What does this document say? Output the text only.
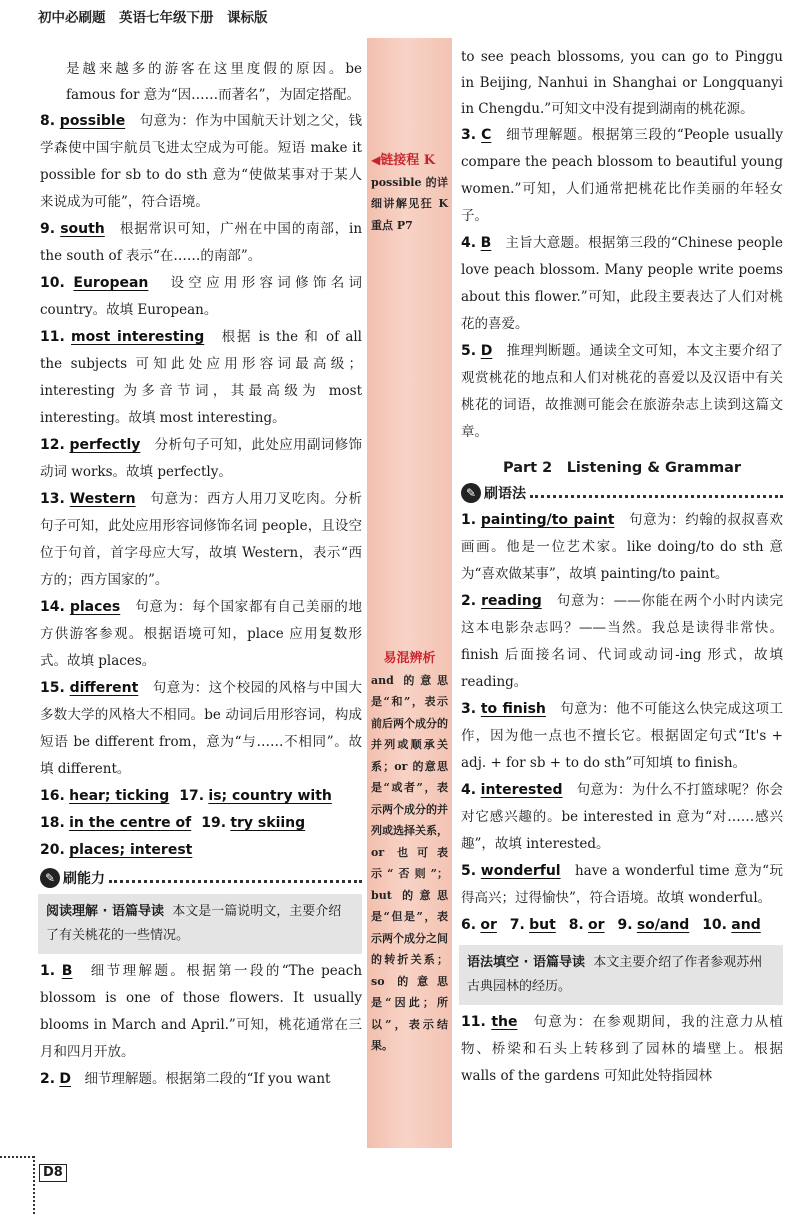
初中必刷题　英语七年级下册　课标版
◀链接程 K
possible 的详细讲解见狂 K 重点 P7
易混辨析
and 的意思是“和”，表示前后两个成分的并列或顺承关系；or 的意思是“或者”，表示两个成分的并列或选择关系，or 也可表示“否则”；but 的意思是“但是”，表示两个成分之间的转折关系；so 的意思是“因此；所以”，表示结果。

是越来越多的游客在这里度假的原因。be famous for 意为“因……而著名”，为固定搭配。

8. possible　 句意为：作为中国航天计划之父，钱学森使中国宇航员飞进太空成为可能。短语 make it possible for sb to do sth 意为“使做某事对于某人来说成为可能”，符合语境。

9. south　 根据常识可知，广州在中国的南部，in the south of 表示“在……的南部”。

10. European　 设空应用形容词修饰名词 country。故填 European。

11. most interesting　 根据 is the 和 of all the subjects 可知此处应用形容词最高级；interesting 为多音节词，其最高级为 most interesting。故填 most interesting。

12. perfectly　 分析句子可知，此处应用副词修饰动词 works。故填 perfectly。

13. Western　 句意为：西方人用刀叉吃肉。分析句子可知，此处应用形容词修饰名词 people，且设空位于句首，首字母应大写，故填 Western，表示“西方的；西方国家的”。

14. places　 句意为：每个国家都有自己美丽的地方供游客参观。根据语境可知，place 应用复数形式。故填 places。

15. different　 句意为：这个校园的风格与中国大多数大学的风格大不相同。be 动词后用形容词，构成短语 be different from，意为“与……不相同”。故填 different。

16. hear; ticking 17. is; country with
18. in the centre of 19. try skiing
20. places; interest
✎ 刷能力
阅读理解 · 语篇导读 本文是一篇说明文，主要介绍了有关桃花的一些情况。

1. B　 细节理解题。根据第一段的“The peach blossom is one of those flowers. It usually blooms in March and April.”可知，桃花通常在三月和四月开放。

2. D　 细节理解题。根据第二段的“If you want

to see peach blossoms, you can go to Pinggu in Beijing, Nanhui in Shanghai or Longquanyi in Chengdu.”可知文中没有提到湖南的桃花源。

3. C　 细节理解题。根据第三段的“People usually compare the peach blossom to beautiful young women.”可知，人们通常把桃花比作美丽的年轻女子。

4. B　 主旨大意题。根据第三段的“Chinese people love peach blossom. Many people write poems about this flower.”可知，此段主要表达了人们对桃花的喜爱。

5. D　 推理判断题。通读全文可知，本文主要介绍了观赏桃花的地点和人们对桃花的喜爱以及汉语中有关桃花的词语，故推测可能会在旅游杂志上读到这篇文章。

Part 2　Listening & Grammar
✎ 刷语法

1. painting/to paint　 句意为：约翰的叔叔喜欢画画。他是一位艺术家。like doing/to do sth 意为“喜欢做某事”，故填 painting/to paint。

2. reading　 句意为：——你能在两个小时内读完这本电影杂志吗？——当然。我总是读得非常快。finish 后面接名词、代词或动词-ing 形式，故填 reading。

3. to finish　 句意为：他不可能这么快完成这项工作，因为他一点也不擅长它。根据固定句式“It's + adj. + for sb + to do sth”可知填 to finish。

4. interested　 句意为：为什么不打篮球呢？你会对它感兴趣的。be interested in 意为“对……感兴趣”，故填 interested。

5. wonderful　 have a wonderful time 意为“玩得高兴；过得愉快”，符合语境。故填 wonderful。

6. or 7. but 8. or 9. so/and 10. and
语法填空 · 语篇导读 本文主要介绍了作者参观苏州古典园林的经历。

11. the　 句意为：在参观期间，我的注意力从植物、桥梁和石头上转移到了园林的墙壁上。根据 walls of the gardens 可知此处特指园林

D8
